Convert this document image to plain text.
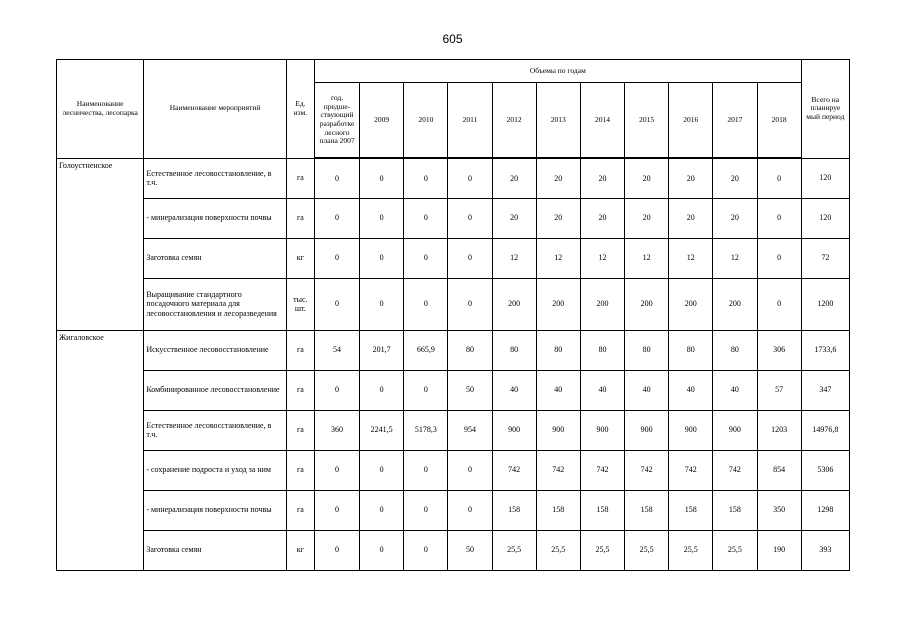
605
Наименование лесничества, лесопарка	Наименование мероприятий	Ед. изм.	Объемы по годам											Всего на планируе мый период
			год, предше-ствующий разработке лесного плана 2007	2009	2010	2011	2012	2013	2014	2015	2016	2017	2018	
Голоустненское	Естественное лесовосстановление, в т.ч.	га	0	0	0	0	20	20	20	20	20	20	0	120
	- минерализация поверхности почвы	га	0	0	0	0	20	20	20	20	20	20	0	120
	Заготовка семян	кг	0	0	0	0	12	12	12	12	12	12	0	72
	Выращивание стандартного посадочного материала для лесовосстановления и лесоразведения	тыс. шт.	0	0	0	0	200	200	200	200	200	200	0	1200
Жигаловское	Искусственное лесовосстановление	га	54	201,7	665,9	80	80	80	80	80	80	80	306	1733,6
	Комбинированное лесовосстановление	га	0	0	0	50	40	40	40	40	40	40	57	347
	Естественное лесовосстановление, в т.ч.	га	360	2241,5	5178,3	954	900	900	900	900	900	900	1203	14976,8
	- сохранение подроста и уход за ним	га	0	0	0	0	742	742	742	742	742	742	854	5306
	- минерализация поверхности почвы	га	0	0	0	0	158	158	158	158	158	158	350	1298
	Заготовка семян	кг	0	0	0	50	25,5	25,5	25,5	25,5	25,5	25,5	190	393
